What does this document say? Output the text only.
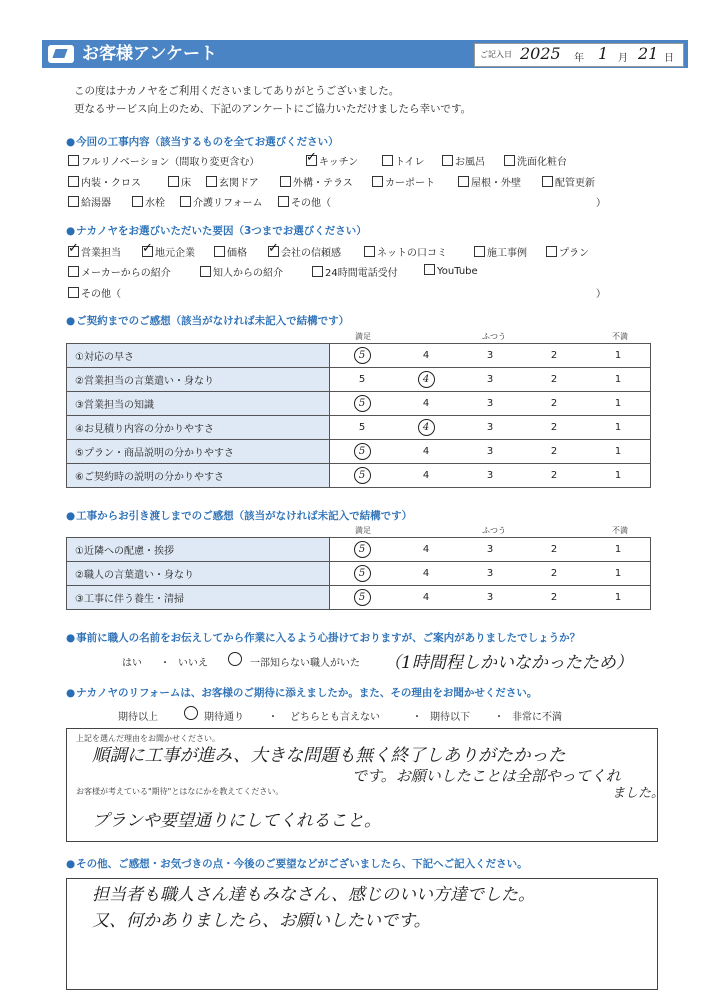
お客様アンケート	ご記入日 2025 年 1 月 21 日
この度はナカノヤをご利用くださいましてありがとうございました。
更なるサービス向上のため、下記のアンケートにご協力いただけましたら幸いです。
● 今回の工事内容（該当するものを全てお選びください）
フルリノベーション（間取り変更含む）	✓ キッチン	トイレ	お風呂	洗面化粧台
内装・クロス	床	玄関ドア	外構・テラス	カーポート	屋根・外壁	配管更新
給湯器	水栓	介護リフォーム	その他（	）
● ナカノヤをお選びいただいた要因（3つまでお選びください）
✓ 営業担当 ✓ 地元企業	価格 ✓ 会社の信頼感	ネットの口コミ	施工事例	プラン
メーカーからの紹介	知人からの紹介	24時間電話受付	YouTube
その他（	）
● ご契約までのご感想（該当がなければ未記入で結構です）
満足	ふつう	不満
①対応の早さ	5	4	3	2	1
②営業担当の言葉遣い・身なり	5	4	3	2	1
③営業担当の知識	5	4	3	2	1
④お見積り内容の分かりやすさ	5	4	3	2	1
⑤プラン・商品説明の分かりやすさ	5	4	3	2	1
⑥ご契約時の説明の分かりやすさ	5	4	3	2	1
● 工事からお引き渡しまでのご感想（該当がなければ未記入で結構です）
満足	ふつう	不満
①近隣への配慮・挨拶	5	4	3	2	1
②職人の言葉遣い・身なり	5	4	3	2	1
③工事に伴う養生・清掃	5	4	3	2	1
● 事前に職人の名前をお伝えしてから作業に入るよう心掛けておりますが、ご案内がありましたでしょうか？
はい ・ いいえ	一部知らない職人がいた （1時間程しかいなかったため）
● ナカノヤのリフォームは、お客様のご期待に添えましたか。また、その理由をお聞かせください。
期待以上	期待通り ・ どちらとも言えない	・ 期待以下 ・ 非常に不満
上記を選んだ理由をお聞かせください。
順調に工事が進み、大きな問題も無く終了しありがたかった
です。お願いしたことは全部やってくれ
ました。
お客様が考えている"期待"とはなにかを教えてください。
プランや要望通りにしてくれること。
● その他、ご感想・お気づきの点・今後のご要望などがございましたら、下記へご記入ください。
担当者も職人さん達もみなさん、感じのいい方達でした。
又、何かありましたら、お願いしたいです。
